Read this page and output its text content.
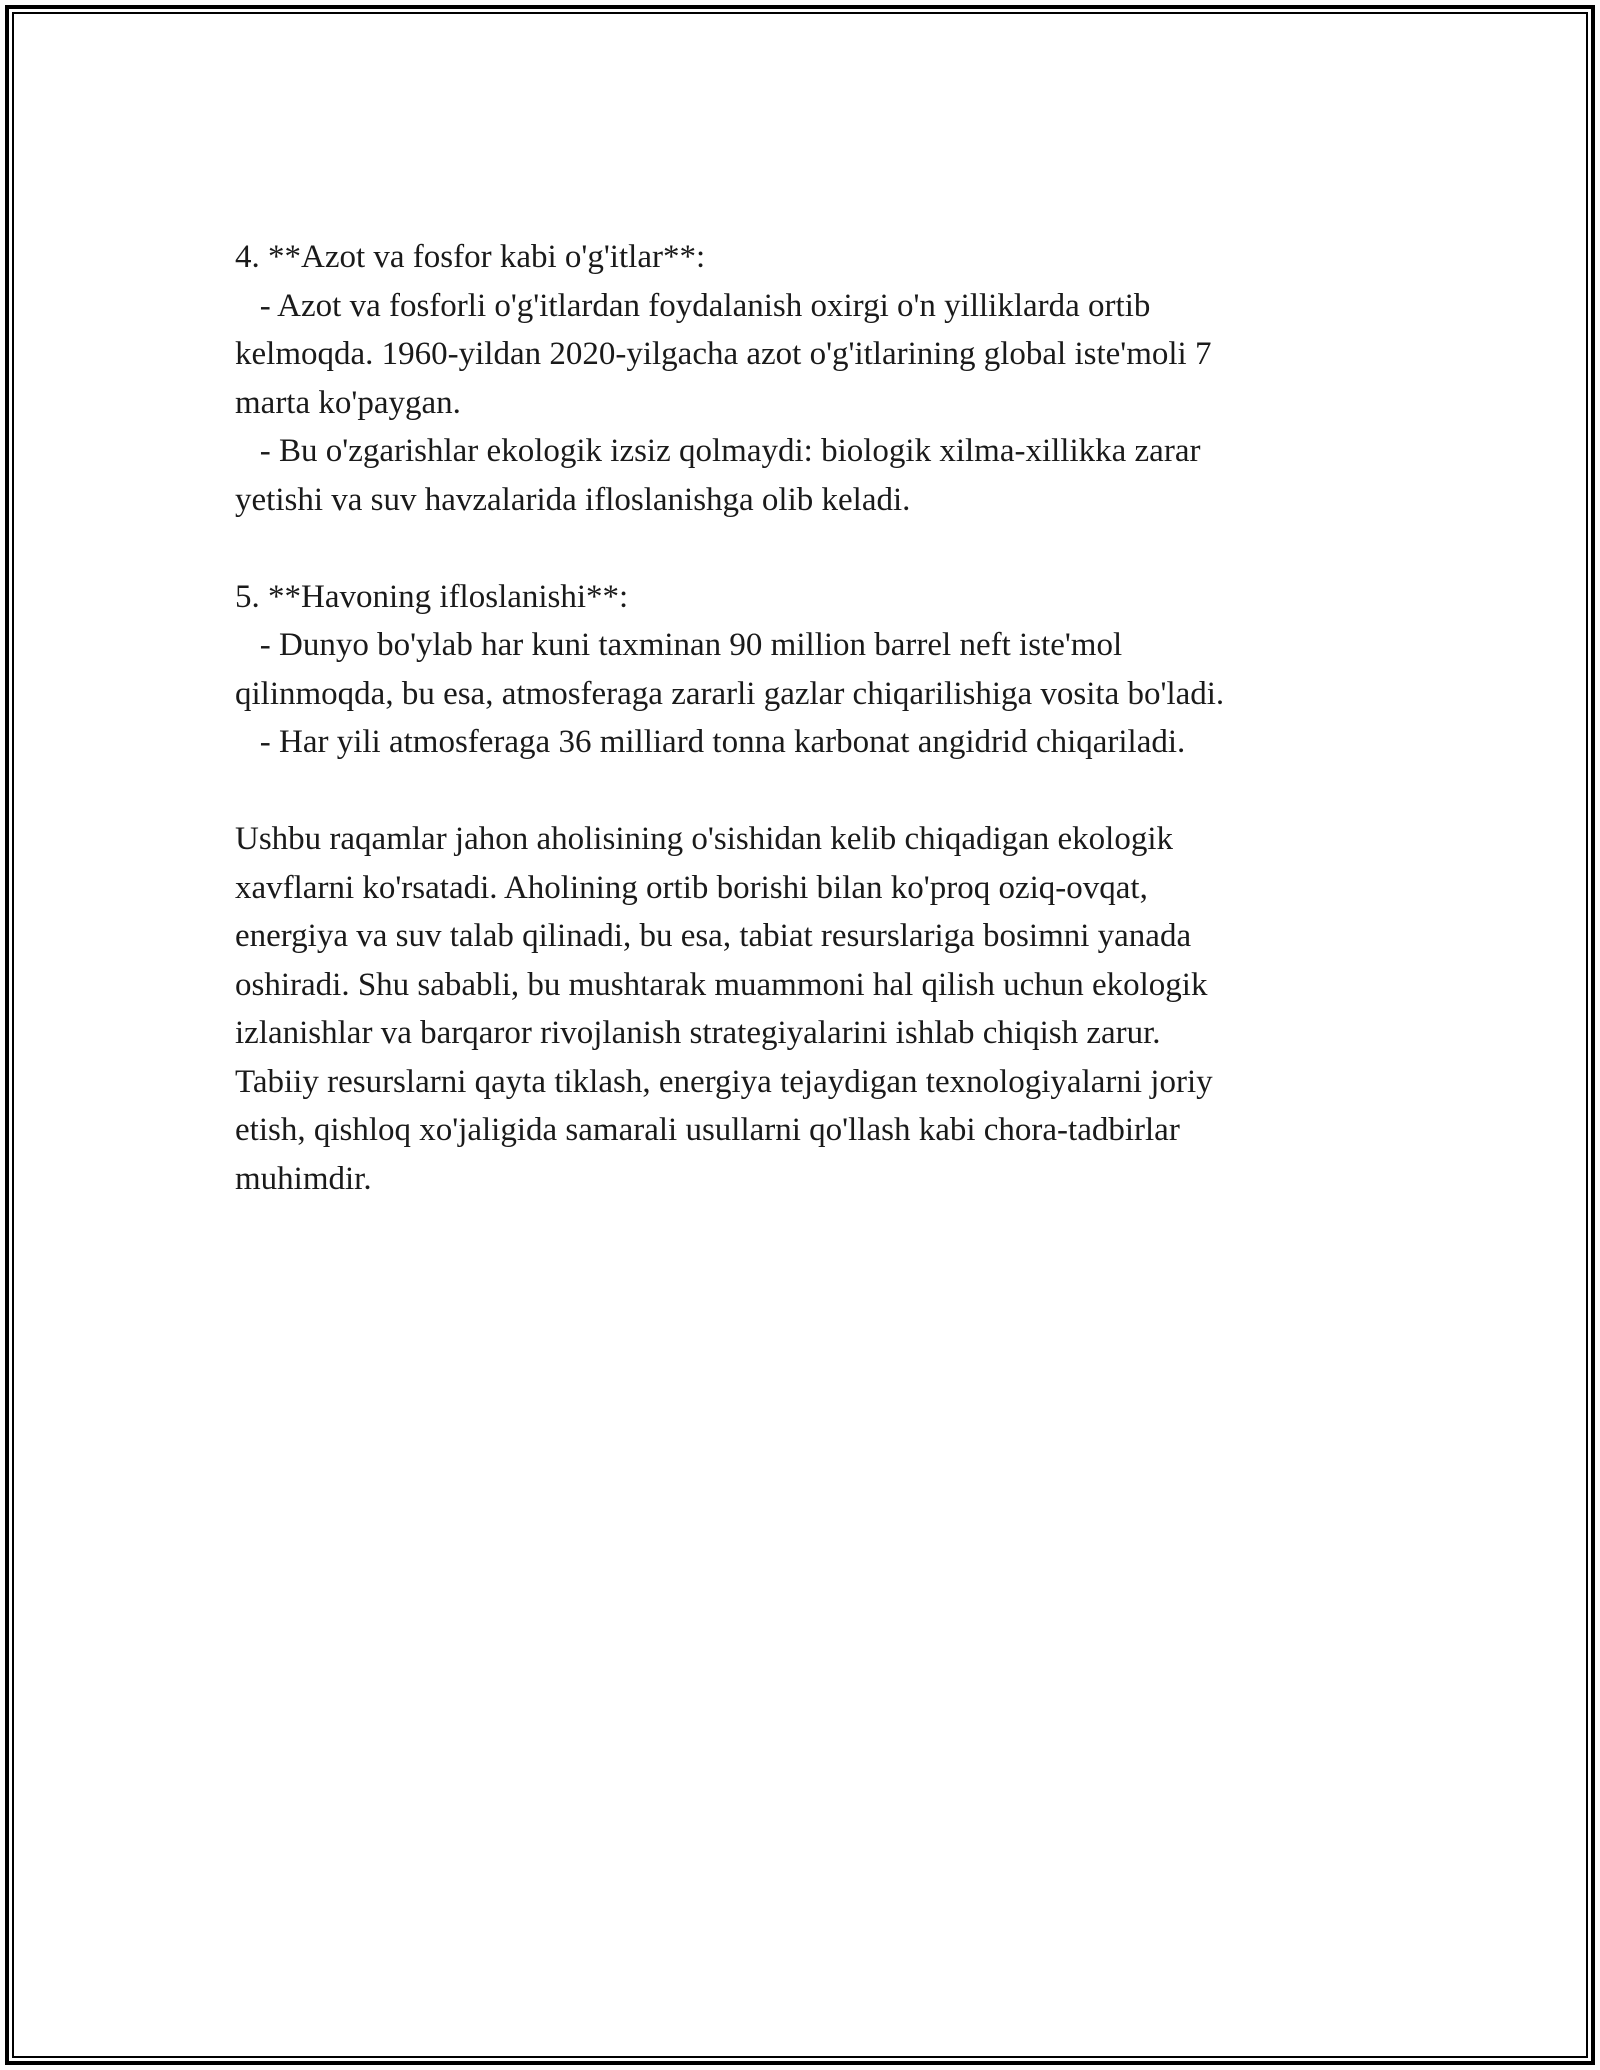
4. **Azot va fosfor kabi o'g'itlar**:
- Azot va fosforli o'g'itlardan foydalanish oxirgi o'n yilliklarda ortib
kelmoqda. 1960-yildan 2020-yilgacha azot o'g'itlarining global iste'moli 7
marta ko'paygan.
- Bu o'zgarishlar ekologik izsiz qolmaydi: biologik xilma-xillikka zarar
yetishi va suv havzalarida ifloslanishga olib keladi.
5. **Havoning ifloslanishi**:
- Dunyo bo'ylab har kuni taxminan 90 million barrel neft iste'mol
qilinmoqda, bu esa, atmosferaga zararli gazlar chiqarilishiga vosita bo'ladi.
- Har yili atmosferaga 36 milliard tonna karbonat angidrid chiqariladi.
Ushbu raqamlar jahon aholisining o'sishidan kelib chiqadigan ekologik
xavflarni ko'rsatadi. Aholining ortib borishi bilan ko'proq oziq-ovqat,
energiya va suv talab qilinadi, bu esa, tabiat resurslariga bosimni yanada
oshiradi. Shu sababli, bu mushtarak muammoni hal qilish uchun ekologik
izlanishlar va barqaror rivojlanish strategiyalarini ishlab chiqish zarur.
Tabiiy resurslarni qayta tiklash, energiya tejaydigan texnologiyalarni joriy
etish, qishloq xo'jaligida samarali usullarni qo'llash kabi chora-tadbirlar
muhimdir.
